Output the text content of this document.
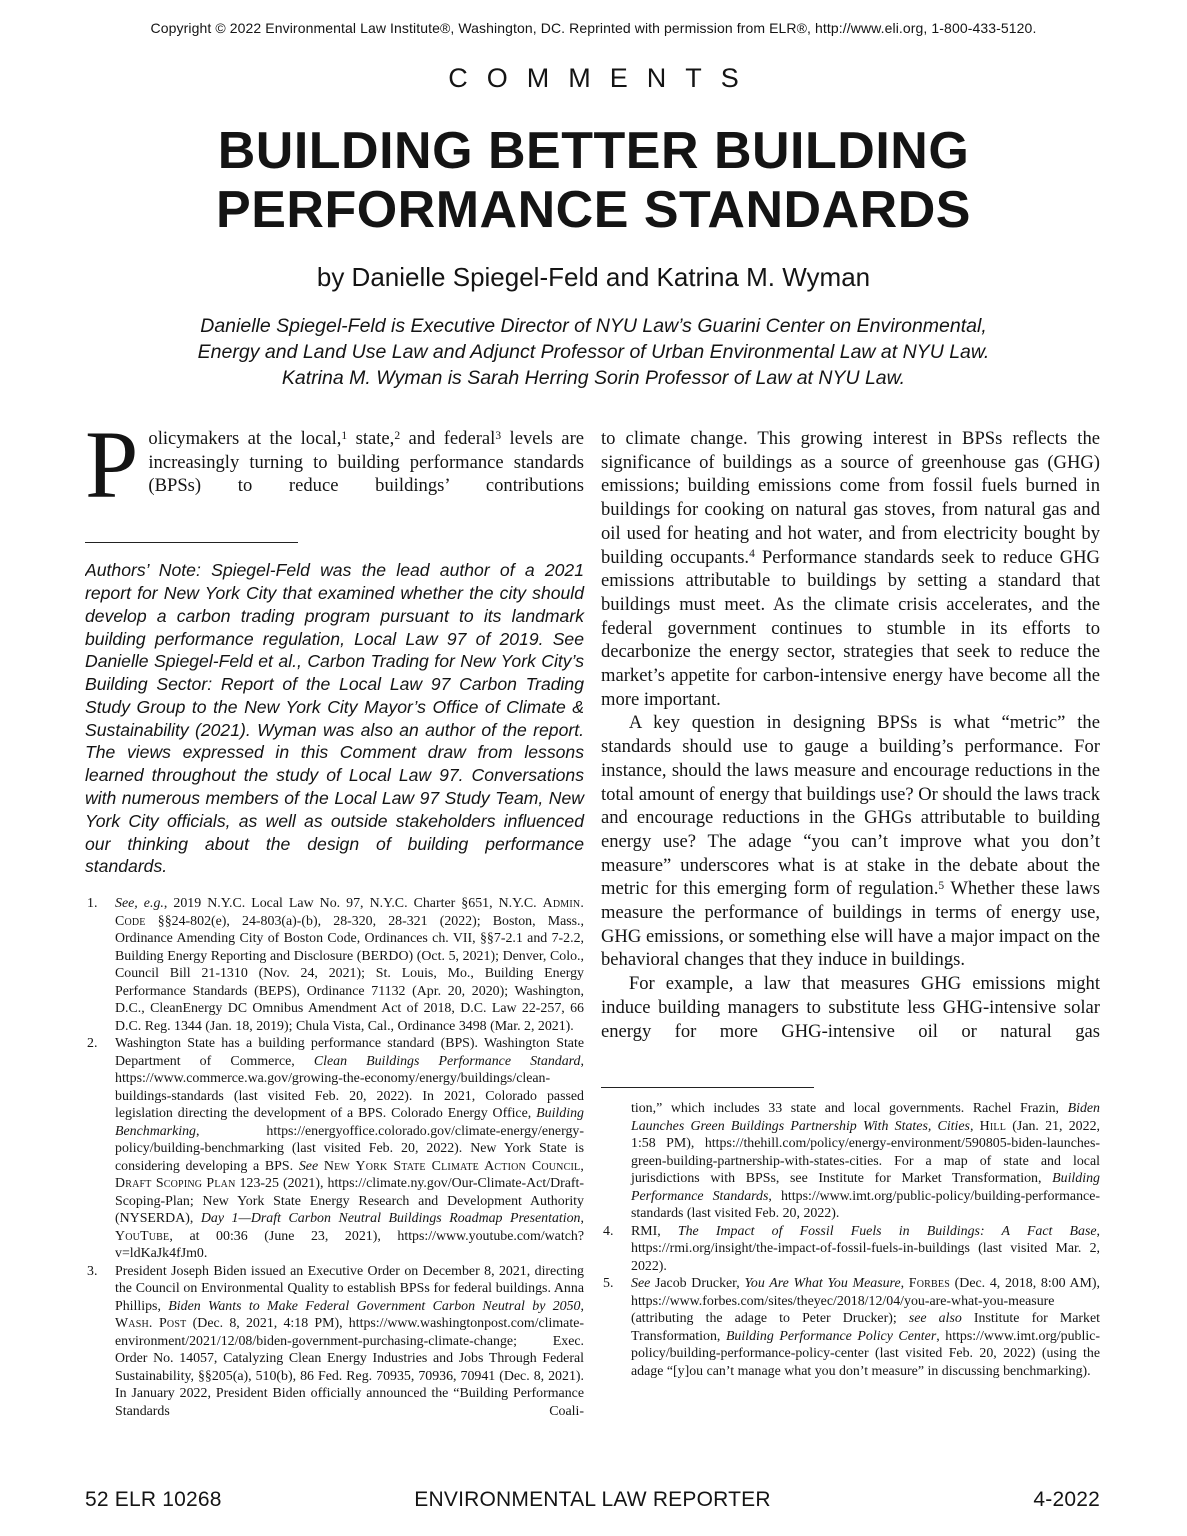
Copyright © 2022 Environmental Law Institute®, Washington, DC. Reprinted with permission from ELR®, http://www.eli.org, 1-800-433-5120.
COMMENTS
BUILDING BETTER BUILDING
PERFORMANCE STANDARDS
by Danielle Spiegel-Feld and Katrina M. Wyman
Danielle Spiegel-Feld is Executive Director of NYU Law’s Guarini Center on Environmental, Energy and Land Use Law and Adjunct Professor of Urban Environmental Law at NYU Law. Katrina M. Wyman is Sarah Herring Sorin Professor of Law at NYU Law.

Policymakers at the local,$^1$ state,$^2$ and federal$^3$ levels are increasingly turning to building performance standards (BPSs) to reduce buildings’ contributions

Authors’ Note: Spiegel-Feld was the lead author of a 2021 report for New York City that examined whether the city should develop a carbon trading program pursuant to its landmark building performance regulation, Local Law 97 of 2019. See Danielle Spiegel-Feld et al., Carbon Trading for New York City’s Building Sector: Report of the Local Law 97 Carbon Trading Study Group to the New York City Mayor’s Office of Climate & Sustainability (2021). Wyman was also an author of the report. The views expressed in this Comment draw from lessons learned throughout the study of Local Law 97. Conversations with numerous members of the Local Law 97 Study Team, New York City officials, as well as outside stakeholders influenced our thinking about the design of building performance standards.

1. See, e.g., 2019 N.Y.C. Local Law No. 97, N.Y.C. Charter §651, N.Y.C. Admin. Code §§24-802(e), 24-803(a)-(b), 28-320, 28-321 (2022); Boston, Mass., Ordinance Amending City of Boston Code, Ordinances ch. VII, §§7-2.1 and 7-2.2, Building Energy Reporting and Disclosure (BERDO) (Oct. 5, 2021); Denver, Colo., Council Bill 21-1310 (Nov. 24, 2021); St. Louis, Mo., Building Energy Performance Standards (BEPS), Ordinance 71132 (Apr. 20, 2020); Washington, D.C., CleanEnergy DC Omnibus Amendment Act of 2018, D.C. Law 22-257, 66 D.C. Reg. 1344 (Jan. 18, 2019); Chula Vista, Cal., Ordinance 3498 (Mar. 2, 2021).
2. Washington State has a building performance standard (BPS). Washington State Department of Commerce, Clean Buildings Performance Standard, https://www.commerce.wa.gov/growing-the-economy/energy/buildings/clean-buildings-standards (last visited Feb. 20, 2022). In 2021, Colorado passed legislation directing the development of a BPS. Colorado Energy Office, Building Benchmarking, https://energyoffice.colorado.gov/climate-energy/energy-policy/building-benchmarking (last visited Feb. 20, 2022). New York State is considering developing a BPS. See New York State Climate Action Council, Draft Scoping Plan 123-25 (2021), https://climate.ny.gov/Our-Climate-Act/Draft-Scoping-Plan; New York State Energy Research and Development Authority (NYSERDA), Day 1—Draft Carbon Neutral Buildings Roadmap Presentation, YouTube, at 00:36 (June 23, 2021), https://www.youtube.com/watch?v=ldKaJk4fJm0.
3. President Joseph Biden issued an Executive Order on December 8, 2021, directing the Council on Environmental Quality to establish BPSs for federal buildings. Anna Phillips, Biden Wants to Make Federal Government Carbon Neutral by 2050, Wash. Post (Dec. 8, 2021, 4:18 PM), https://www.washingtonpost.com/climate-environment/2021/12/08/biden-government-purchasing-climate-change; Exec. Order No. 14057, Catalyzing Clean Energy Industries and Jobs Through Federal Sustainability, §§205(a), 510(b), 86 Fed. Reg. 70935, 70936, 70941 (Dec. 8, 2021). In January 2022, President Biden officially announced the “Building Performance Standards Coali-

to climate change. This growing interest in BPSs reflects the significance of buildings as a source of greenhouse gas (GHG) emissions; building emissions come from fossil fuels burned in buildings for cooking on natural gas stoves, from natural gas and oil used for heating and hot water, and from electricity bought by building occupants.$^4$ Performance standards seek to reduce GHG emissions attributable to buildings by setting a standard that buildings must meet. As the climate crisis accelerates, and the federal government continues to stumble in its efforts to decarbonize the energy sector, strategies that seek to reduce the market’s appetite for carbon-intensive energy have become all the more important.

A key question in designing BPSs is what “metric” the standards should use to gauge a building’s performance. For instance, should the laws measure and encourage reductions in the total amount of energy that buildings use? Or should the laws track and encourage reductions in the GHGs attributable to building energy use? The adage “you can’t improve what you don’t measure” underscores what is at stake in the debate about the metric for this emerging form of regulation.$^5$ Whether these laws measure the performance of buildings in terms of energy use, GHG emissions, or something else will have a major impact on the behavioral changes that they induce in buildings.

For example, a law that measures GHG emissions might induce building managers to substitute less GHG-intensive solar energy for more GHG-intensive oil or natural gas

tion,” which includes 33 state and local governments. Rachel Frazin, Biden Launches Green Buildings Partnership With States, Cities, Hill (Jan. 21, 2022, 1:58 PM), https://thehill.com/policy/energy-environment/590805-biden-launches-green-building-partnership-with-states-cities. For a map of state and local jurisdictions with BPSs, see Institute for Market Transformation, Building Performance Standards, https://www.imt.org/public-policy/building-performance-standards (last visited Feb. 20, 2022).
4. RMI, The Impact of Fossil Fuels in Buildings: A Fact Base, https://rmi.org/insight/the-impact-of-fossil-fuels-in-buildings (last visited Mar. 2, 2022).
5. See Jacob Drucker, You Are What You Measure, Forbes (Dec. 4, 2018, 8:00 AM), https://www.forbes.com/sites/theyec/2018/12/04/you-are-what-you-measure (attributing the adage to Peter Drucker); see also Institute for Market Transformation, Building Performance Policy Center, https://www.imt.org/public-policy/building-performance-policy-center (last visited Feb. 20, 2022) (using the adage “[y]ou can’t manage what you don’t measure” in discussing benchmarking).
52 ELR 10268	ENVIRONMENTAL LAW REPORTER	4-2022
